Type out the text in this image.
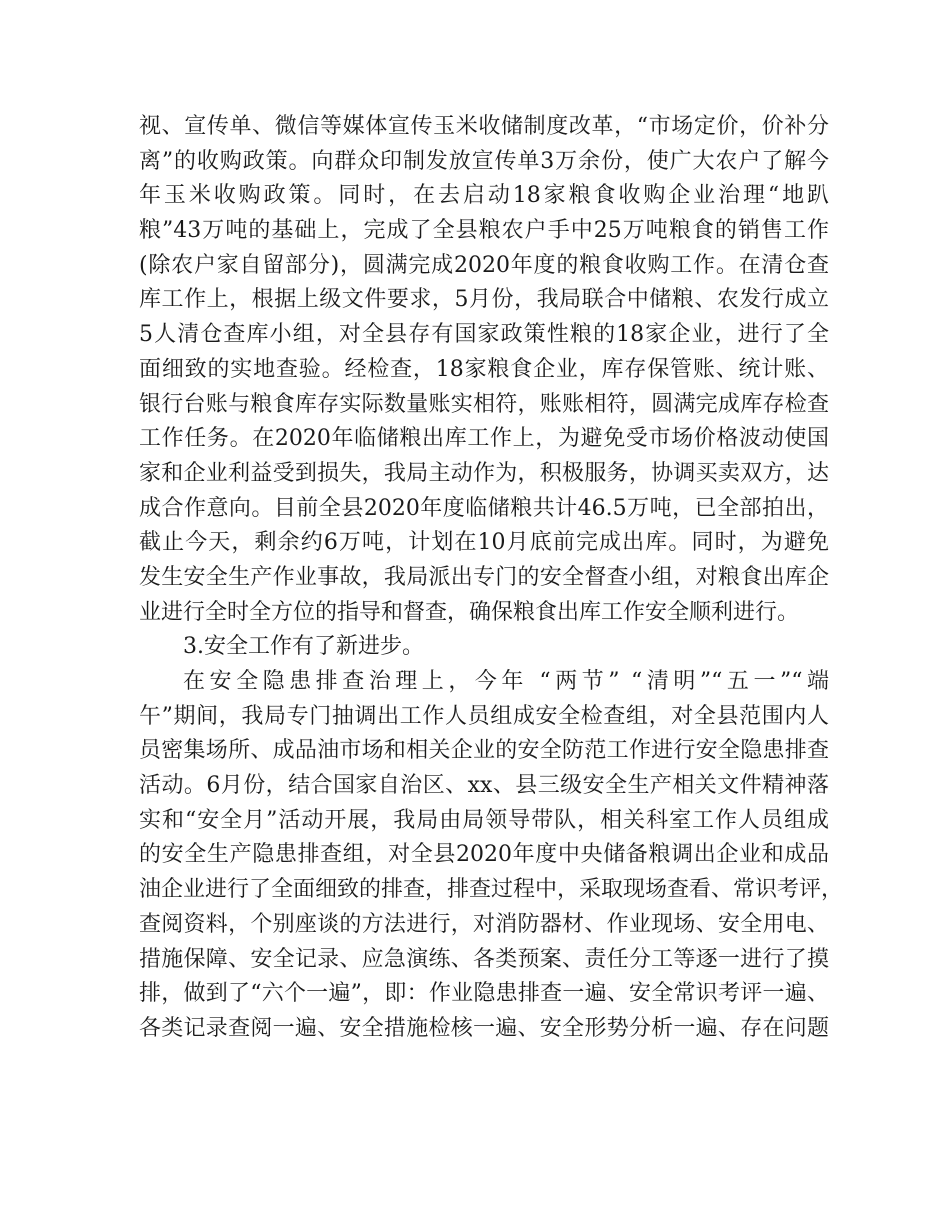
视、宣传单、微信等媒体宣传玉米收储制度改革，“市场定价，价补分
离”的收购政策。向群众印制发放宣传单3万余份，使广大农户了解今
年玉米收购政策。同时，在去启动18家粮食收购企业治理“地趴
粮”43万吨的基础上，完成了全县粮农户手中25万吨粮食的销售工作
(除农户家自留部分)，圆满完成2020年度的粮食收购工作。在清仓查
库工作上，根据上级文件要求，5月份，我局联合中储粮、农发行成立
5人清仓查库小组，对全县存有国家政策性粮的18家企业，进行了全
面细致的实地查验。经检查，18家粮食企业，库存保管账、统计账、
银行台账与粮食库存实际数量账实相符，账账相符，圆满完成库存检查
工作任务。在2020年临储粮出库工作上，为避免受市场价格波动使国
家和企业利益受到损失，我局主动作为，积极服务，协调买卖双方，达
成合作意向。目前全县2020年度临储粮共计46.5万吨，已全部拍出，
截止今天，剩余约6万吨，计划在10月底前完成出库。同时，为避免
发生安全生产作业事故，我局派出专门的安全督查小组，对粮食出库企
业进行全时全方位的指导和督查，确保粮食出库工作安全顺利进行。
3.安全工作有了新进步。
在安全隐患排查治理上，今年 “两节” “清明”“五一”“端
午”期间，我局专门抽调出工作人员组成安全检查组，对全县范围内人
员密集场所、成品油市场和相关企业的安全防范工作进行安全隐患排查
活动。6月份，结合国家自治区、xx、县三级安全生产相关文件精神落
实和“安全月”活动开展，我局由局领导带队，相关科室工作人员组成
的安全生产隐患排查组，对全县2020年度中央储备粮调出企业和成品
油企业进行了全面细致的排查，排查过程中，采取现场查看、常识考评，
查阅资料，个别座谈的方法进行，对消防器材、作业现场、安全用电、
措施保障、安全记录、应急演练、各类预案、责任分工等逐一进行了摸
排，做到了“六个一遍”，即：作业隐患排查一遍、安全常识考评一遍、
各类记录查阅一遍、安全措施检核一遍、安全形势分析一遍、存在问题
